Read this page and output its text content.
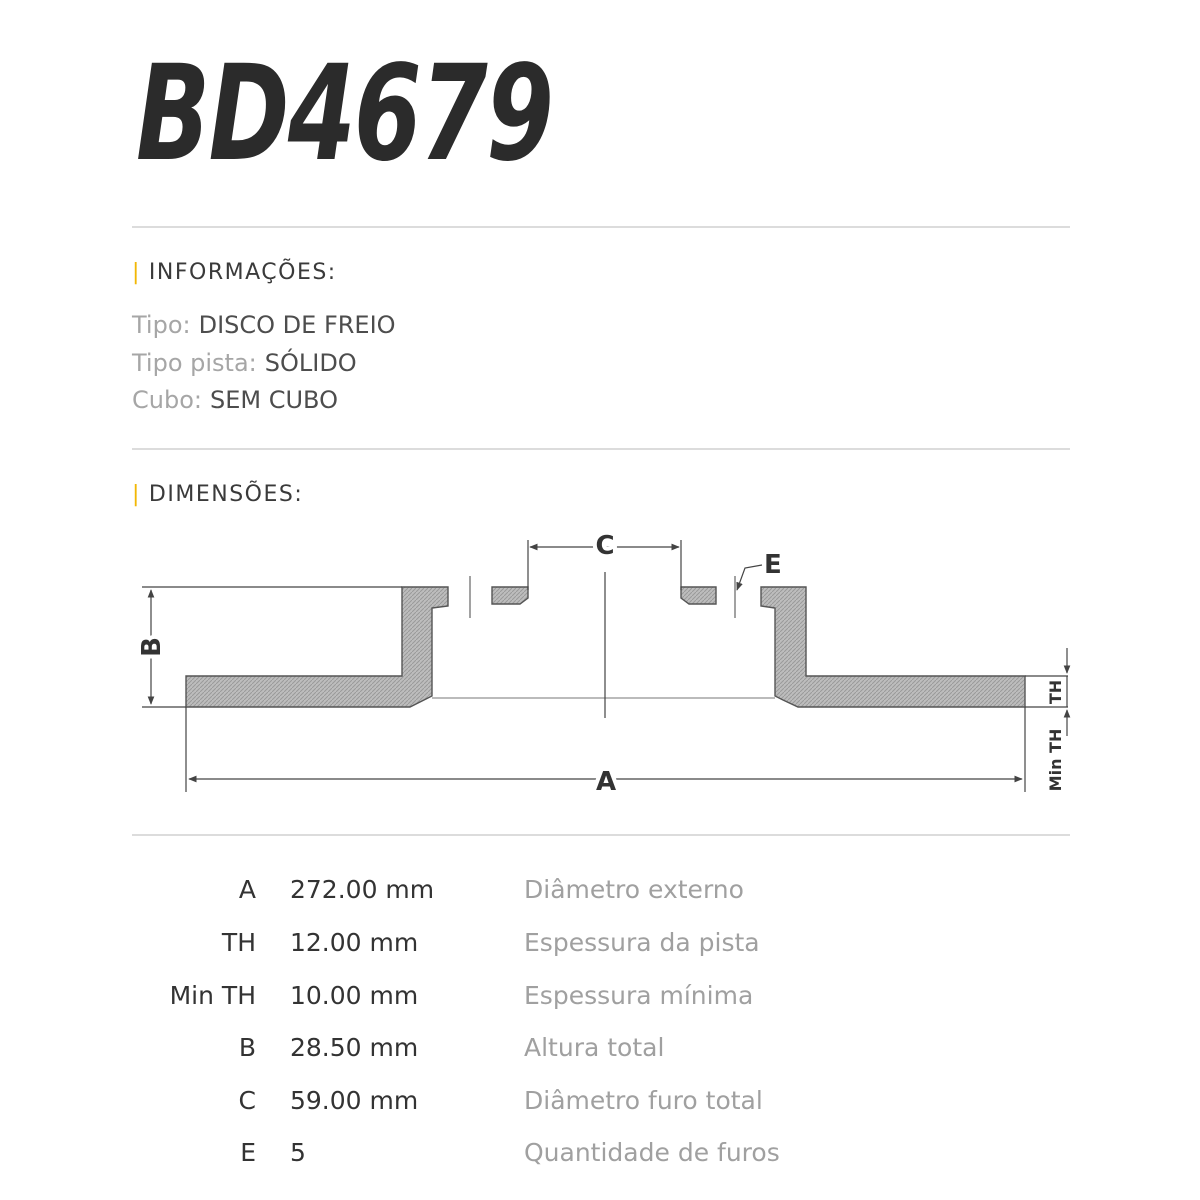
BD4679
| INFORMAÇÕES:
Tipo: DISCO DE FREIO
Tipo pista: SÓLIDO
Cubo: SEM CUBO
| DIMENSÕES:
C
E
B
A
TH
Min TH
A 272.00 mm	Diâmetro externo
TH 12.00 mm	Espessura da pista
Min TH 10.00 mm	Espessura mínima
B 28.50 mm	Altura total
C 59.00 mm	Diâmetro furo total
E 5	Quantidade de furos
